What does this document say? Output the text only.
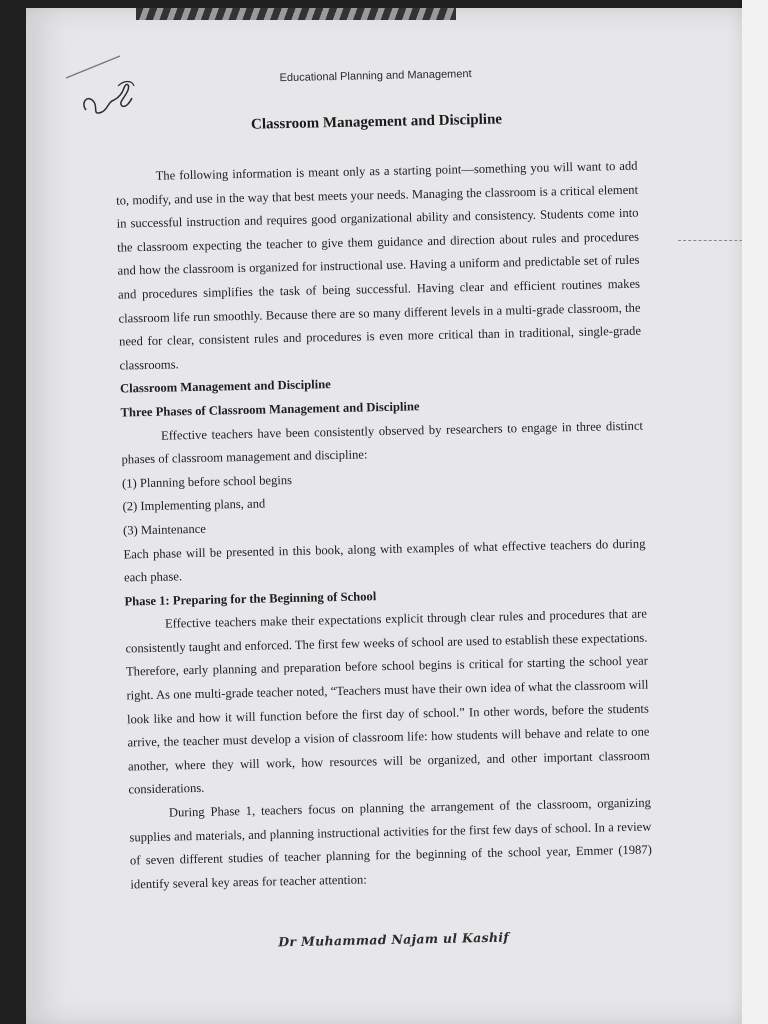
Educational Planning and Management
Classroom Management and Discipline

The following information is meant only as a starting point—something you will want to add to, modify, and use in the way that best meets your needs. Managing the classroom is a critical element in successful instruction and requires good organizational ability and consistency. Students come into the classroom expecting the teacher to give them guidance and direction about rules and procedures and how the classroom is organized for instructional use. Having a uniform and predictable set of rules and procedures simplifies the task of being successful. Having clear and efficient routines makes classroom life run smoothly. Because there are so many different levels in a multi-grade classroom, the need for clear, consistent rules and procedures is even more critical than in traditional, single-grade classrooms.

Classroom Management and Discipline

Three Phases of Classroom Management and Discipline

Effective teachers have been consistently observed by researchers to engage in three distinct phases of classroom management and discipline:

(1) Planning before school begins

(2) Implementing plans, and

(3) Maintenance

Each phase will be presented in this book, along with examples of what effective teachers do during each phase.

Phase 1: Preparing for the Beginning of School

Effective teachers make their expectations explicit through clear rules and procedures that are consistently taught and enforced. The first few weeks of school are used to establish these expectations. Therefore, early planning and preparation before school begins is critical for starting the school year right. As one multi-grade teacher noted, “Teachers must have their own idea of what the classroom will look like and how it will function before the first day of school.” In other words, before the students arrive, the teacher must develop a vision of classroom life: how students will behave and relate to one another, where they will work, how resources will be organized, and other important classroom considerations.

During Phase 1, teachers focus on planning the arrangement of the classroom, organizing supplies and materials, and planning instructional activities for the first few days of school. In a review of seven different studies of teacher planning for the beginning of the school year, Emmer (1987) identify several key areas for teacher attention:

Dr Muhammad Najam ul Kashif
